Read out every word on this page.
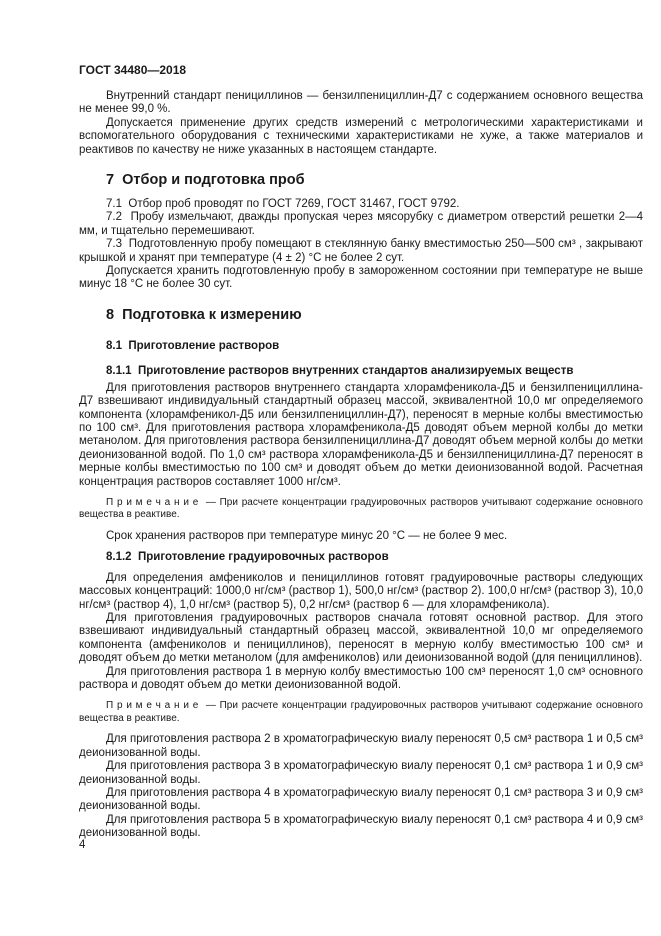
ГОСТ 34480—2018

Внутренний стандарт пенициллинов — бензилпенициллин-Д7 с содержанием основного вещества не менее 99,0 %.

Допускается применение других средств измерений с метрологическими характеристиками и вспомогательного оборудования с техническими характеристиками не хуже, а также материалов и реактивов по качеству не ниже указанных в настоящем стандарте.

7  Отбор и подготовка проб

7.1  Отбор проб проводят по ГОСТ 7269, ГОСТ 31467, ГОСТ 9792.

7.2  Пробу измельчают, дважды пропуская через мясорубку с диаметром отверстий решетки 2—4 мм, и тщательно перемешивают.

7.3  Подготовленную пробу помещают в стеклянную банку вместимостью 250—500 см³ , закрывают крышкой и хранят при температуре (4 ± 2) °С не более 2 сут.

Допускается хранить подготовленную пробу в замороженном состоянии при температуре не выше минус 18 °С не более 30 сут.

8  Подготовка к измерению
8.1  Приготовление растворов
8.1.1  Приготовление растворов внутренних стандартов анализируемых веществ

Для приготовления растворов внутреннего стандарта хлорамфеникола-Д5 и бензилпенициллина-Д7 взвешивают индивидуальный стандартный образец массой, эквивалентной 10,0 мг определяемого компонента (хлорамфеникол-Д5 или бензилпенициллин-Д7), переносят в мерные колбы вместимостью по 100 см³. Для приготовления раствора хлорамфеникола-Д5 доводят объем мерной колбы до метки метанолом. Для приготовления раствора бензилпенициллина-Д7 доводят объем мерной колбы до метки деионизованной водой. По 1,0 см³ раствора хлорамфеникола-Д5 и бензилпенициллина-Д7 переносят в мерные колбы вместимостью по 100 см³ и доводят объем до метки деионизованной водой. Расчетная концентрация растворов составляет 1000 нг/см³.

П р и м е ч а н и е  — При расчете концентрации градуировочных растворов учитывают содержание основного вещества в реактиве.

Срок хранения растворов при температуре минус 20 °С — не более 9 мес.

8.1.2  Приготовление градуировочных растворов

Для определения амфениколов и пенициллинов готовят градуировочные растворы следующих массовых концентраций: 1000,0 нг/см³ (раствор 1), 500,0 нг/см³ (раствор 2). 100,0 нг/см³ (раствор 3), 10,0 нг/см³ (раствор 4), 1,0 нг/см³ (раствор 5), 0,2 нг/см³ (раствор 6 — для хлорамфеникола).

Для приготовления градуировочных растворов сначала готовят основной раствор. Для этого взвешивают индивидуальный стандартный образец массой, эквивалентной 10,0 мг определяемого компонента (амфениколов и пенициллинов), переносят в мерную колбу вместимостью 100 см³ и доводят объем до метки метанолом (для амфениколов) или деионизованной водой (для пенициллинов).

Для приготовления раствора 1 в мерную колбу вместимостью 100 см³ переносят 1,0 см³ основного раствора и доводят объем до метки деионизованной водой.

П р и м е ч а н и е  — При расчете концентрации градуировочных растворов учитывают содержание основного вещества в реактиве.

Для приготовления раствора 2 в хроматографическую виалу переносят 0,5 см³ раствора 1 и 0,5 см³ деионизованной воды.

Для приготовления раствора 3 в хроматографическую виалу переносят 0,1 см³ раствора 1 и 0,9 см³ деионизованной воды.

Для приготовления раствора 4 в хроматографическую виалу переносят 0,1 см³ раствора 3 и 0,9 см³ деионизованной воды.

Для приготовления раствора 5 в хроматографическую виалу переносят 0,1 см³ раствора 4 и 0,9 см³ деионизованной воды.

4
